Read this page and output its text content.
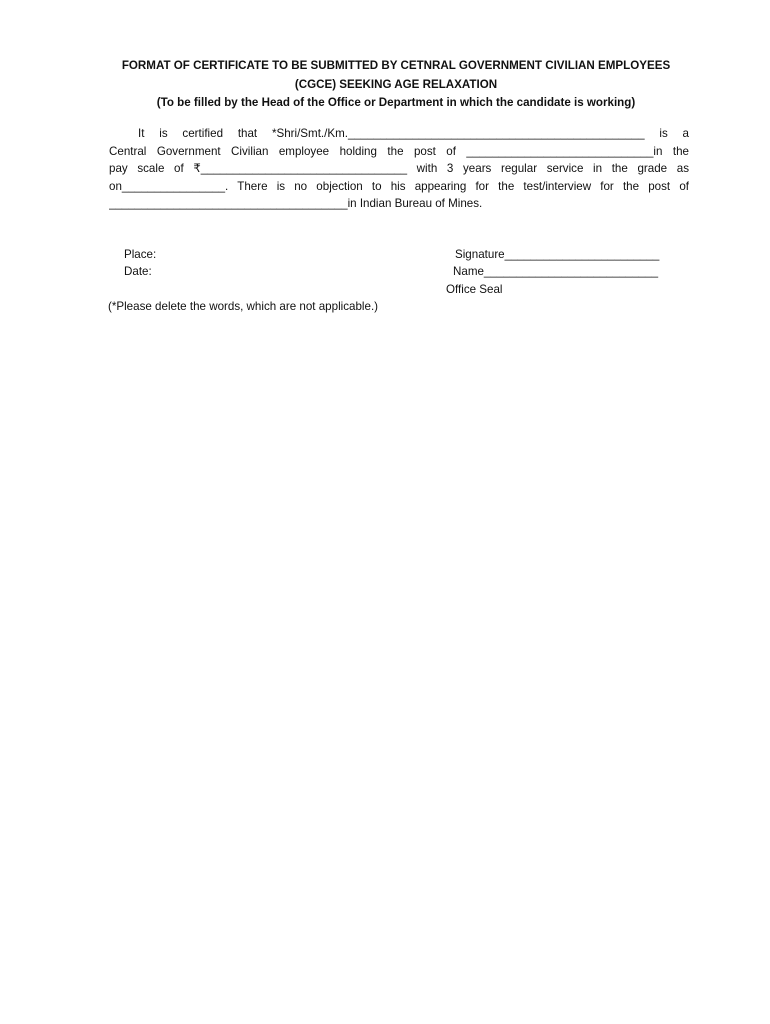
FORMAT OF CERTIFICATE TO BE SUBMITTED BY CETNRAL GOVERNMENT CIVILIAN EMPLOYEES
(CGCE) SEEKING AGE RELAXATION
(To be filled by the Head of the Office or Department in which the candidate is working)
It is certified that *Shri/Smt./Km.______________________________________________ is a
Central Government Civilian employee holding the post of _____________________________in the
pay scale of ₹________________________________ with 3 years regular service in the grade as
on________________. There is no objection to his appearing for the test/interview for the post of
_____________________________________in Indian Bureau of Mines.
Place:
Date:
Signature________________________
Name___________________________
Office Seal
(*Please delete the words, which are not applicable.)
